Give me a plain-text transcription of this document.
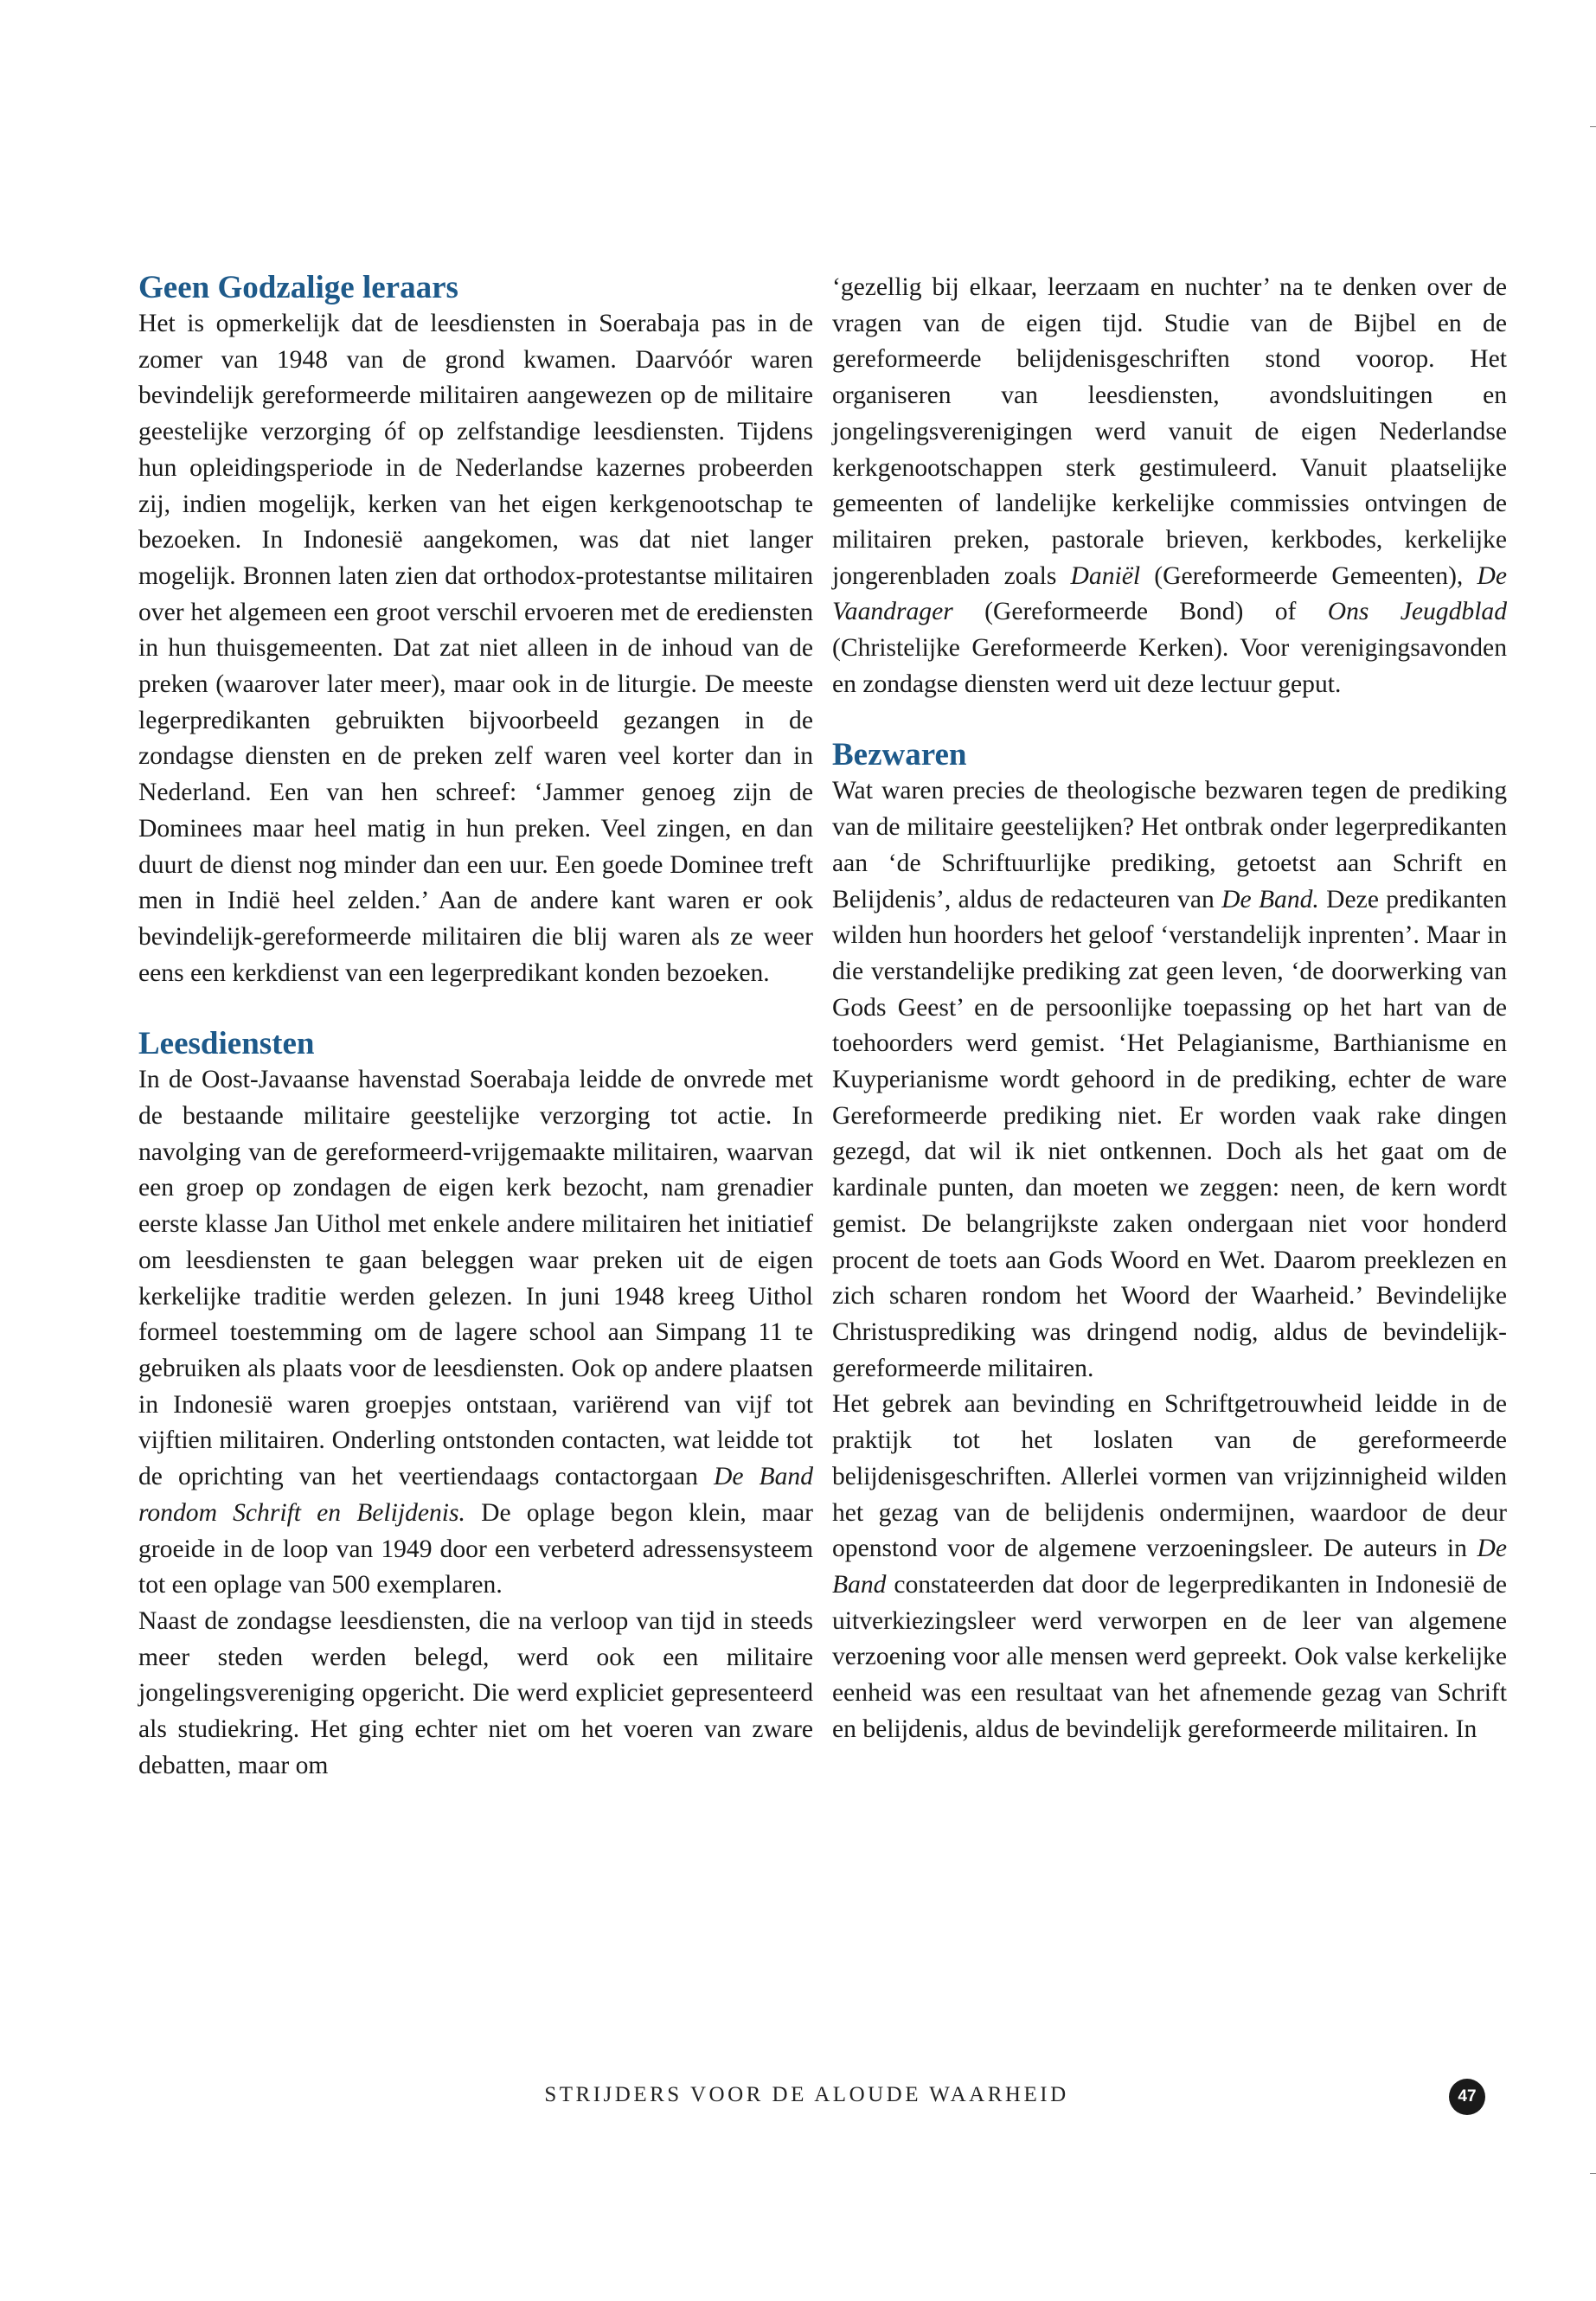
Geen Godzalige leraars

Het is opmerkelijk dat de leesdiensten in Soerabaja pas in de zomer van 1948 van de grond kwamen. Daarvóór waren bevindelijk gereformeerde militairen aangewezen op de militaire geestelijke verzorging óf op zelfstandige leesdiensten. Tijdens hun opleidingsperiode in de Nederlandse kazernes probeerden zij, indien mogelijk, kerken van het eigen kerkgenootschap te bezoeken. In Indonesië aangekomen, was dat niet langer mogelijk. Bronnen laten zien dat orthodox-protestantse militairen over het algemeen een groot verschil ervoeren met de erediensten in hun thuisgemeenten. Dat zat niet alleen in de inhoud van de preken (waarover later meer), maar ook in de liturgie. De meeste legerpredikanten gebruikten bijvoorbeeld gezangen in de zondagse diensten en de preken zelf waren veel korter dan in Nederland. Een van hen schreef: ‘Jammer genoeg zijn de Dominees maar heel matig in hun preken. Veel zingen, en dan duurt de dienst nog minder dan een uur. Een goede Dominee treft men in Indië heel zelden.’ Aan de andere kant waren er ook bevindelijk-gereformeerde militairen die blij waren als ze weer eens een kerkdienst van een legerpredikant konden bezoeken.

Leesdiensten

In de Oost-Javaanse havenstad Soerabaja leidde de onvrede met de bestaande militaire geestelijke verzorging tot actie. In navolging van de gereformeerd-vrijgemaakte militairen, waarvan een groep op zondagen de eigen kerk bezocht, nam grenadier eerste klasse Jan Uithol met enkele andere militairen het initiatief om leesdiensten te gaan beleggen waar preken uit de eigen kerkelijke traditie werden gelezen. In juni 1948 kreeg Uithol formeel toestemming om de lagere school aan Simpang 11 te gebruiken als plaats voor de leesdiensten. Ook op andere plaatsen in Indonesië waren groepjes ontstaan, variërend van vijf tot vijftien militairen. Onderling ontstonden contacten, wat leidde tot de oprichting van het veertiendaags contactorgaan De Band rondom Schrift en Belijdenis. De oplage begon klein, maar groeide in de loop van 1949 door een verbeterd adressensysteem tot een oplage van 500 exemplaren.

Naast de zondagse leesdiensten, die na verloop van tijd in steeds meer steden werden belegd, werd ook een militaire jongelingsvereniging opgericht. Die werd expliciet gepresenteerd als studiekring. Het ging echter niet om het voeren van zware debatten, maar om

‘gezellig bij elkaar, leerzaam en nuchter’ na te denken over de vragen van de eigen tijd. Studie van de Bijbel en de gereformeerde belijdenisgeschriften stond voorop. Het organiseren van leesdiensten, avondsluitingen en jongelingsverenigingen werd vanuit de eigen Nederlandse kerkgenootschappen sterk gestimuleerd. Vanuit plaatselijke gemeenten of landelijke kerkelijke commissies ontvingen de militairen preken, pastorale brieven, kerkbodes, kerkelijke jongerenbladen zoals Daniël (Gereformeerde Gemeenten), De Vaandrager (Gereformeerde Bond) of Ons Jeugdblad (Christelijke Gereformeerde Kerken). Voor verenigingsavonden en zondagse diensten werd uit deze lectuur geput.

Bezwaren

Wat waren precies de theologische bezwaren tegen de prediking van de militaire geestelijken? Het ontbrak onder legerpredikanten aan ‘de Schriftuurlijke prediking, getoetst aan Schrift en Belijdenis’, aldus de redacteuren van De Band. Deze predikanten wilden hun hoorders het geloof ‘verstandelijk inprenten’. Maar in die verstandelijke prediking zat geen leven, ‘de doorwerking van Gods Geest’ en de persoonlijke toepassing op het hart van de toehoorders werd gemist. ‘Het Pelagianisme, Barthianisme en Kuyperianisme wordt gehoord in de prediking, echter de ware Gereformeerde prediking niet. Er worden vaak rake dingen gezegd, dat wil ik niet ontkennen. Doch als het gaat om de kardinale punten, dan moeten we zeggen: neen, de kern wordt gemist. De belangrijkste zaken ondergaan niet voor honderd procent de toets aan Gods Woord en Wet. Daarom preeklezen en zich scharen rondom het Woord der Waarheid.’ Bevindelijke Christusprediking was dringend nodig, aldus de bevindelijk-gereformeerde militairen.

Het gebrek aan bevinding en Schriftgetrouwheid leidde in de praktijk tot het loslaten van de gereformeerde belijdenisgeschriften. Allerlei vormen van vrijzinnigheid wilden het gezag van de belijdenis ondermijnen, waardoor de deur openstond voor de algemene verzoeningsleer. De auteurs in De Band constateerden dat door de legerpredikanten in Indonesië de uitverkiezingsleer werd verworpen en de leer van algemene verzoening voor alle mensen werd gepreekt. Ook valse kerkelijke eenheid was een resultaat van het afnemende gezag van Schrift en belijdenis, aldus de bevindelijk gereformeerde militairen. In

STRIJDERS VOOR DE ALOUDE WAARHEID	47
